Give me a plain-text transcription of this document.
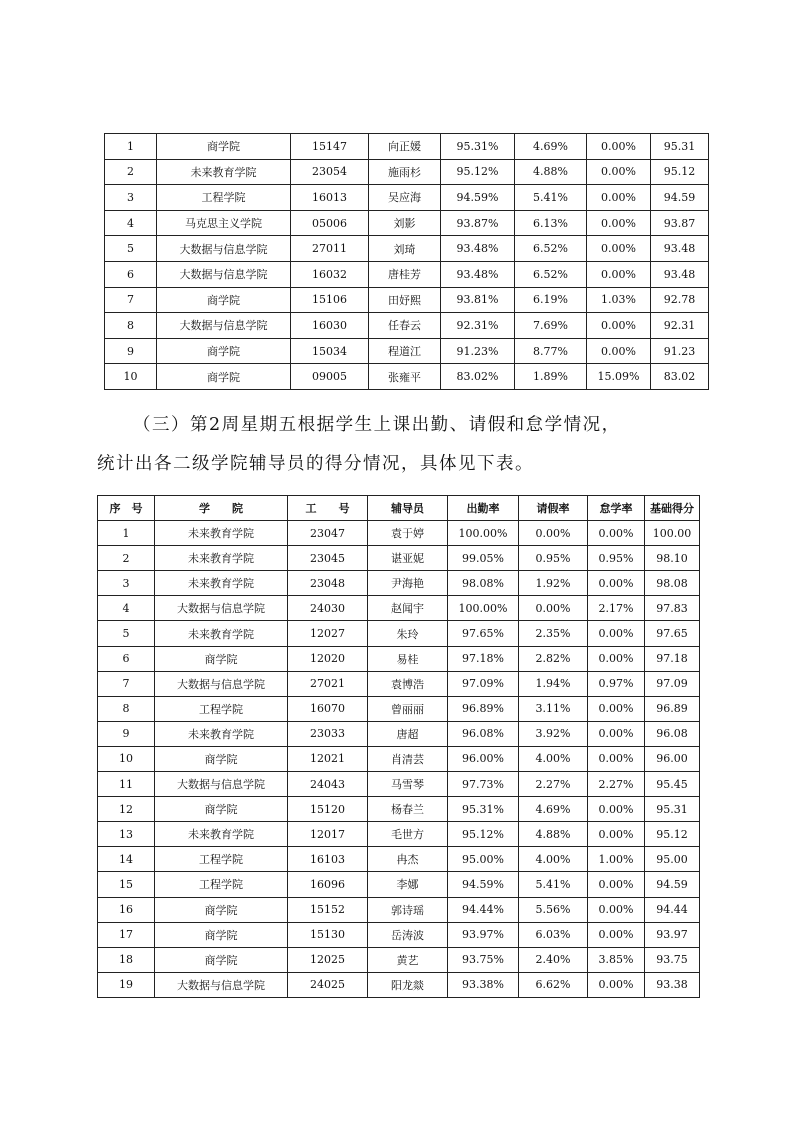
1	商学院	15147	向正媛	95.31%	4.69%	0.00%	95.31
2	未来教育学院	23054	施雨杉	95.12%	4.88%	0.00%	95.12
3	工程学院	16013	吴应海	94.59%	5.41%	0.00%	94.59
4	马克思主义学院	05006	刘影	93.87%	6.13%	0.00%	93.87
5	大数据与信息学院	27011	刘琦	93.48%	6.52%	0.00%	93.48
6	大数据与信息学院	16032	唐桂芳	93.48%	6.52%	0.00%	93.48
7	商学院	15106	田妤熙	93.81%	6.19%	1.03%	92.78
8	大数据与信息学院	16030	任春云	92.31%	7.69%	0.00%	92.31
9	商学院	15034	程道江	91.23%	8.77%	0.00%	91.23
10	商学院	09005	张雍平	83.02%	1.89%	15.09%	83.02
（三）第2周星期五根据学生上课出勤、请假和怠学情况，
统计出各二级学院辅导员的得分情况，具体见下表。
序　号	学　　院	工　　号	辅导员	出勤率	请假率	怠学率	基础得分
1	未来教育学院	23047	袁于婷	100.00%	0.00%	0.00%	100.00
2	未来教育学院	23045	谌亚妮	99.05%	0.95%	0.95%	98.10
3	未来教育学院	23048	尹海艳	98.08%	1.92%	0.00%	98.08
4	大数据与信息学院	24030	赵闻宇	100.00%	0.00%	2.17%	97.83
5	未来教育学院	12027	朱玲	97.65%	2.35%	0.00%	97.65
6	商学院	12020	易桂	97.18%	2.82%	0.00%	97.18
7	大数据与信息学院	27021	袁博浩	97.09%	1.94%	0.97%	97.09
8	工程学院	16070	曾丽丽	96.89%	3.11%	0.00%	96.89
9	未来教育学院	23033	唐超	96.08%	3.92%	0.00%	96.08
10	商学院	12021	肖清芸	96.00%	4.00%	0.00%	96.00
11	大数据与信息学院	24043	马雪琴	97.73%	2.27%	2.27%	95.45
12	商学院	15120	杨春兰	95.31%	4.69%	0.00%	95.31
13	未来教育学院	12017	毛世方	95.12%	4.88%	0.00%	95.12
14	工程学院	16103	冉杰	95.00%	4.00%	1.00%	95.00
15	工程学院	16096	李娜	94.59%	5.41%	0.00%	94.59
16	商学院	15152	郭诗瑶	94.44%	5.56%	0.00%	94.44
17	商学院	15130	岳涛波	93.97%	6.03%	0.00%	93.97
18	商学院	12025	黄艺	93.75%	2.40%	3.85%	93.75
19	大数据与信息学院	24025	阳龙燚	93.38%	6.62%	0.00%	93.38
